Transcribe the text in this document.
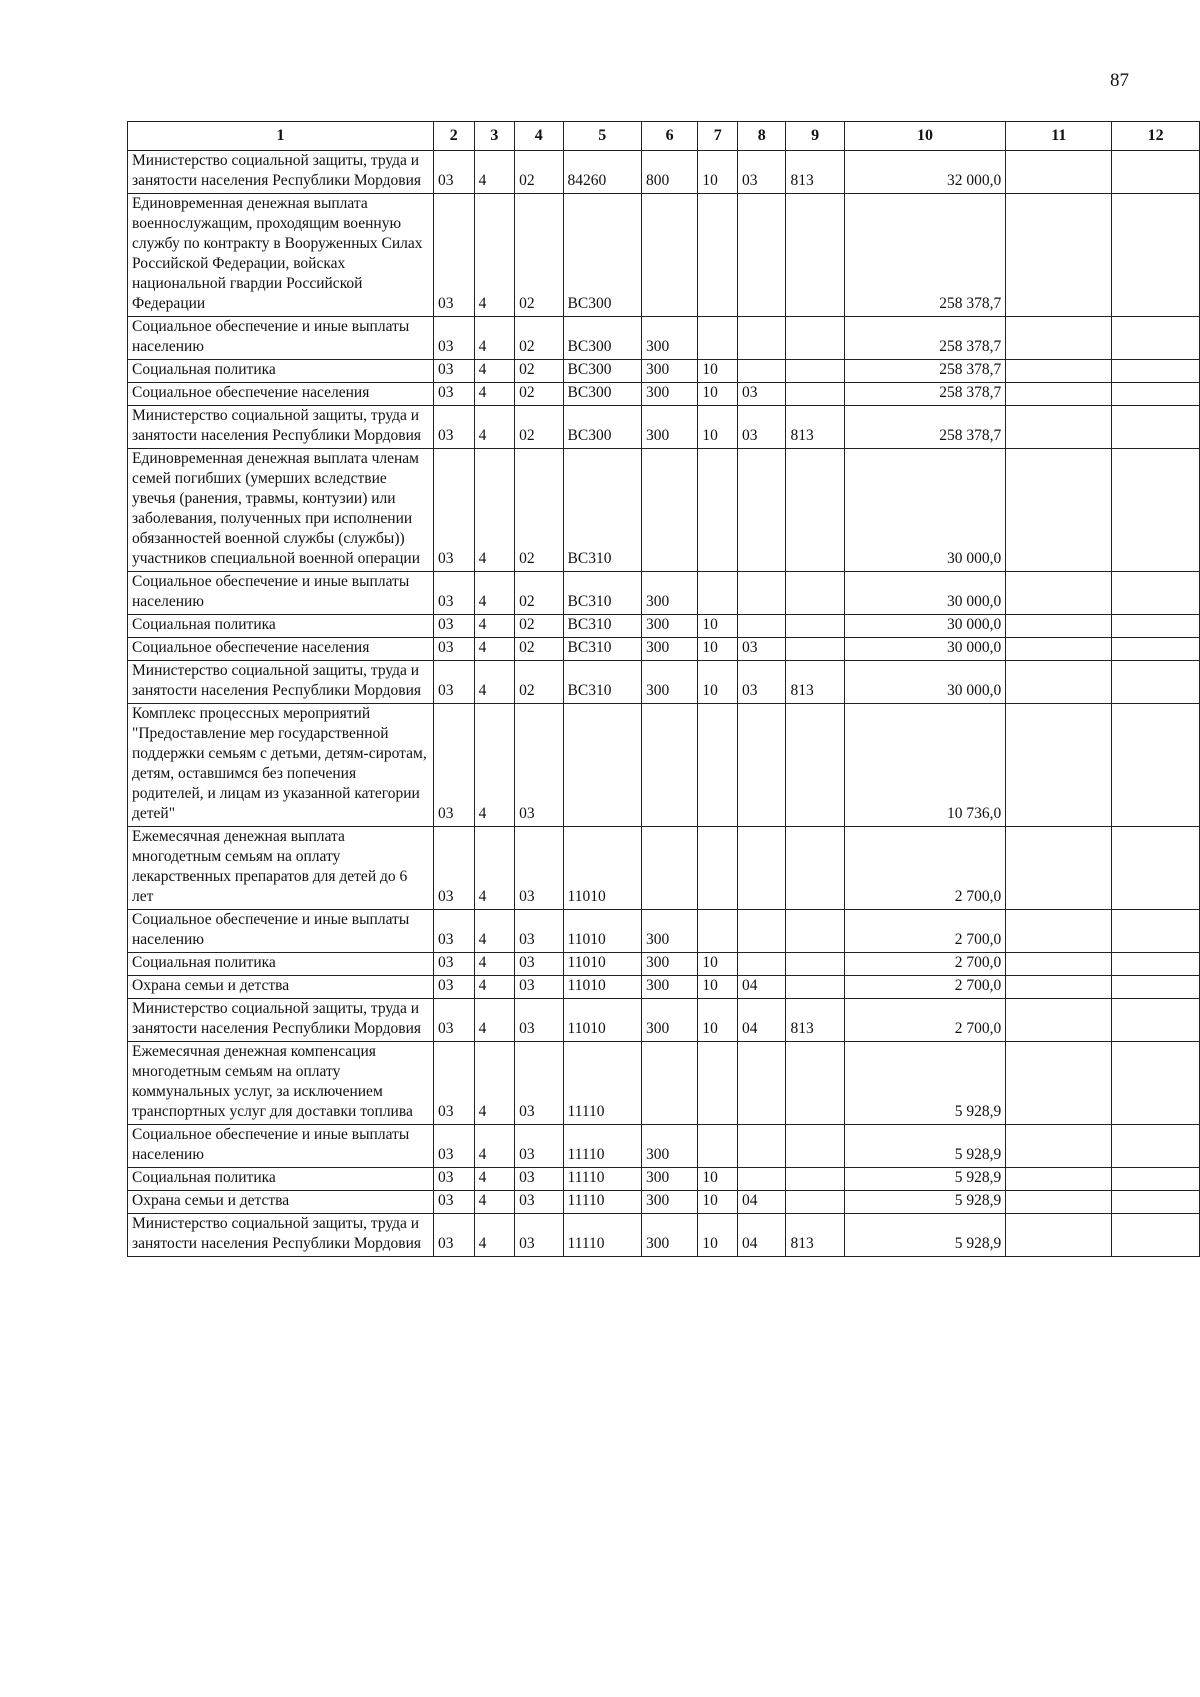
87
1	2	3	4	5	6	7	8	9	10	11	12
Министерство социальной защиты, труда и занятости населения Республики Мордовия	03	4	02	84260	800	10	03	813	32 000,0		
Единовременная денежная выплата военнослужащим, проходящим военную службу по контракту в Вооруженных Силах Российской Федерации, войсках национальной гвардии Российской Федерации	03	4	02	ВС300					258 378,7		
Социальное обеспечение и иные выплаты населению	03	4	02	ВС300	300				258 378,7		
Социальная политика	03	4	02	ВС300	300	10			258 378,7		
Социальное обеспечение населения	03	4	02	ВС300	300	10	03		258 378,7		
Министерство социальной защиты, труда и занятости населения Республики Мордовия	03	4	02	ВС300	300	10	03	813	258 378,7		
Единовременная денежная выплата членам семей погибших (умерших вследствие увечья (ранения, травмы, контузии) или заболевания, полученных при исполнении обязанностей военной службы (службы)) участников специальной военной операции	03	4	02	ВС310					30 000,0		
Социальное обеспечение и иные выплаты населению	03	4	02	ВС310	300				30 000,0		
Социальная политика	03	4	02	ВС310	300	10			30 000,0		
Социальное обеспечение населения	03	4	02	ВС310	300	10	03		30 000,0		
Министерство социальной защиты, труда и занятости населения Республики Мордовия	03	4	02	ВС310	300	10	03	813	30 000,0		
Комплекс процессных мероприятий "Предоставление мер государственной поддержки семьям с детьми, детям-сиротам, детям, оставшимся без попечения родителей, и лицам из указанной категории детей"	03	4	03						10 736,0		
Ежемесячная денежная выплата многодетным семьям на оплату лекарственных препаратов для детей до 6 лет	03	4	03	11010					2 700,0		
Социальное обеспечение и иные выплаты населению	03	4	03	11010	300				2 700,0		
Социальная политика	03	4	03	11010	300	10			2 700,0		
Охрана семьи и детства	03	4	03	11010	300	10	04		2 700,0		
Министерство социальной защиты, труда и занятости населения Республики Мордовия	03	4	03	11010	300	10	04	813	2 700,0		
Ежемесячная денежная компенсация многодетным семьям на оплату коммунальных услуг, за исключением транспортных услуг для доставки топлива	03	4	03	11110					5 928,9		
Социальное обеспечение и иные выплаты населению	03	4	03	11110	300				5 928,9		
Социальная политика	03	4	03	11110	300	10			5 928,9		
Охрана семьи и детства	03	4	03	11110	300	10	04		5 928,9		
Министерство социальной защиты, труда и занятости населения Республики Мордовия	03	4	03	11110	300	10	04	813	5 928,9		
